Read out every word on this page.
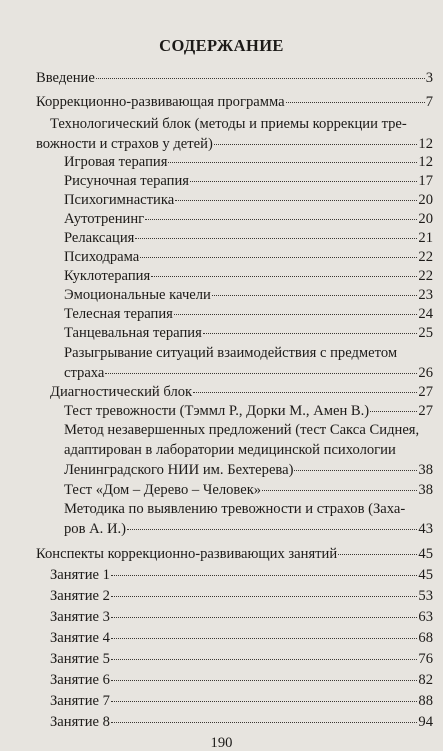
СОДЕРЖАНИЕ
Введение	3
Коррекционно-развивающая программа	7
Технологический блок (методы и приемы коррекции тре-
вожности и страхов у детей)	12
Игровая терапия	12
Рисуночная терапия	17
Психогимнастика	20
Аутотренинг	20
Релаксация	21
Психодрама	22
Куклотерапия	22
Эмоциональные качели	23
Телесная терапия	24
Танцевальная терапия	25
Разыгрывание ситуаций взаимодействия с предметом
страха	26
Диагностический блок	27
Тест тревожности (Тэммл Р., Дорки М., Амен В.)	27
Метод незавершенных предложений (тест Сакса Сиднея,
адаптирован в лаборатории медицинской психологии
Ленинградского НИИ им. Бехтерева)	38
Тест «Дом – Дерево – Человек»	38
Методика по выявлению тревожности и страхов (Заха-
ров А. И.)	43
Конспекты коррекционно-развивающих занятий	45
Занятие 1	45
Занятие 2	53
Занятие 3	63
Занятие 4	68
Занятие 5	76
Занятие 6	82
Занятие 7	88
Занятие 8	94
190
